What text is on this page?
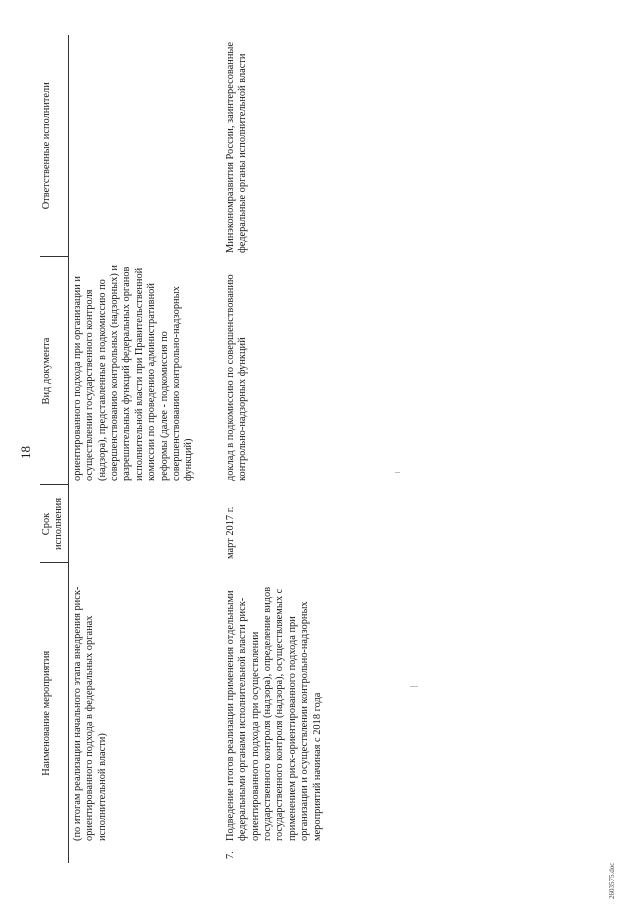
18
Наименование мероприятия	Срок исполнения	Вид документа	Ответственные исполнители

(по итогам реализации начального этапа внедрения риск-ориентированного подхода в федеральных органах исполнительной власти)		ориентированного подхода при организации и осуществлении государственного контроля (надзора), представленные в подкомиссию по совершенствованию контрольных (надзорных) и разрешительных функций федеральных органов исполнительной власти при Правительственной комиссии по проведению административной реформы (далее - подкомиссия по совершенствованию контрольно-надзорных функций)	

7.
Подведение итогов реализации применения отдельными федеральными органами исполнительной власти риск-ориентированного подхода при осуществлении государственного контроля (надзора), определение видов государственного контроля (надзора), осуществляемых с применением риск-ориентированного подхода при организации и осуществлении контрольно-надзорных мероприятий начиная с 2018 года	март 2017 г.	доклад в подкомиссию по совершенствованию контрольно-надзорных функций	Минэкономразвития России, заинтересованные федеральные органы исполнительной власти
2603575.doc
